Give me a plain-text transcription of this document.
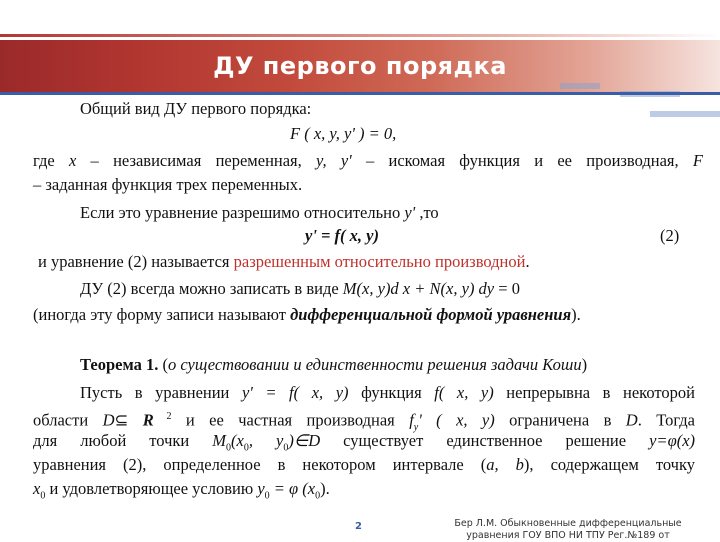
ДУ первого порядка
Общий вид ДУ первого порядка:
F ( x, y, y' ) = 0,
где x – независимая переменная, y, y' – искомая функция и ее производная, F
– заданная функция трех переменных.
Если это уравнение разрешимо относительно y' ,то
y' = f( x, y)	(2)
и уравнение (2) называется разрешенным относительно производной.
ДУ (2) всегда можно записать в виде M(x, y)d x + N(x, y) dy = 0
(иногда эту форму записи называют дифференциальной формой уравнения).
Теорема 1. (о существовании и единственности решения задачи Коши)
Пусть в уравнении y' = f( x, y) функция f( x, y) непрерывна в некоторой
области D⊆ R $^2$ и ее частная производная $f_y'$ ( x, y) ограничена в D. Тогда
для любой точки $M_0(x_0$, $y_0)\in D$ существует единственное решение y=φ(x)
уравнения (2), определенное в некотором интервале (a, b), содержащем точку
$x_0$ и удовлетворяющее условию $y_0 = \varphi$ $(x_0)$.
2	Бер Л.М. Обыкновенные дифференциальные
уравнения ГОУ ВПО НИ ТПУ Рег.№189 от
